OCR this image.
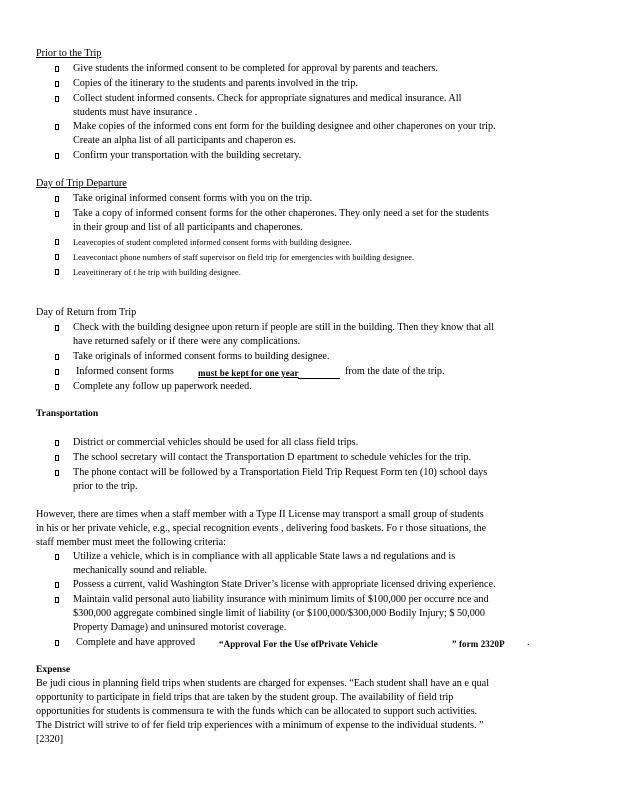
Prior to the Trip
Give students the informed consent to be completed for approval by parents and teachers.
Copies of the itinerary to the students and parents involved in the trip.
Collect student informed consents. Check for appropriate signatures and medical insurance. All
students must have insurance .
Make copies of the informed cons ent form for the building designee and other chaperones on your trip.
Create an alpha list of all participants and chaperon es.
Confirm your transportation with the building secretary.
Day of Trip Departure
Take original informed consent forms with you on the trip.
Take a copy of informed consent forms for the other chaperones. They only need a set for the students
in their group and list of all participants and chaperones.
Leavecopies of student completed informed consent forms with building designee.
Leavecontact phone numbers of staff supervisor on field trip for emergencies with building designee.
Leaveitinerary of t he trip with building designee.
Day of Return from Trip
Check with the building designee upon return if people are still in the building. Then they know that all
have returned safely or if there were any complications.
Take originals of informed consent forms to building designee.
Informed consent forms	must be kept for one year	from the date of the trip.
Complete any follow up paperwork needed.
Transportation
District or commercial vehicles should be used for all class field trips.
The school secretary will contact the Transportation D epartment to schedule vehicles for the trip.
The phone contact will be followed by a Transportation Field Trip Request Form ten (10) school days
prior to the trip.
However, there are times when a staff member with a Type II License may transport a small group of students
in his or her private vehicle, e.g., special recognition events , delivering food baskets. Fo r those situations, the
staff member must meet the following criteria:
Utilize a vehicle, which is in compliance with all applicable State laws a nd regulations and is
mechanically sound and reliable.
Possess a current, valid Washington State Driver’s license with appropriate licensed driving experience.
Maintain valid personal auto liability insurance with minimum limits of $100,000 per occurre nce and
$300,000 aggregate combined single limit of liability (or $100,000/$300,000 Bodily Injury; $ 50,000
Property Damage) and uninsured motorist coverage.
Complete and have approved	“Approval For the Use ofPrivate Vehicle	” form 2320P .
Expense
Be judi cious in planning field trips when students are charged for expenses. “Each student shall have an e qual
opportunity to participate in field trips that are taken by the student group. The availability of field trip
opportunities for students is commensura te with the funds which can be allocated to support such activities.
The District will strive to of fer field trip experiences with a minimum of expense to the individual students. ”
[2320]
